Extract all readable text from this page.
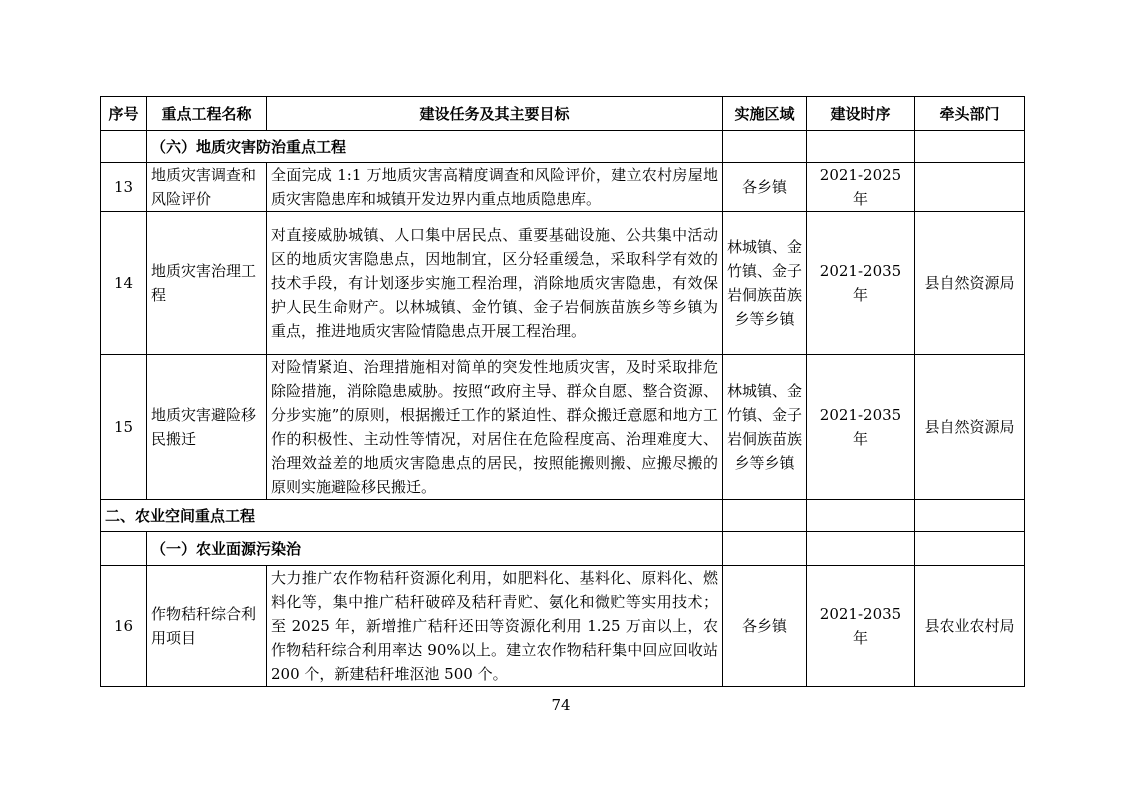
序号	重点工程名称	建设任务及其主要目标	实施区域	建设时序	牵头部门
	（六）地质灾害防治重点工程				
13	地质灾害调查和风险评价	全面完成 1:1 万地质灾害高精度调查和风险评价，建立农村房屋地质灾害隐患库和城镇开发边界内重点地质隐患库。	各乡镇	2021-2025 年	
14	地质灾害治理工程	对直接威胁城镇、人口集中居民点、重要基础设施、公共集中活动区的地质灾害隐患点，因地制宜，区分轻重缓急，采取科学有效的技术手段，有计划逐步实施工程治理，消除地质灾害隐患，有效保护人民生命财产。以林城镇、金竹镇、金子岩侗族苗族乡等乡镇为重点，推进地质灾害险情隐患点开展工程治理。	林城镇、金竹镇、金子岩侗族苗族乡等乡镇	2021-2035 年	县自然资源局
15	地质灾害避险移民搬迁	对险情紧迫、治理措施相对简单的突发性地质灾害，及时采取排危除险措施，消除隐患威胁。按照“政府主导、群众自愿、整合资源、分步实施”的原则，根据搬迁工作的紧迫性、群众搬迁意愿和地方工作的积极性、主动性等情况，对居住在危险程度高、治理难度大、治理效益差的地质灾害隐患点的居民，按照能搬则搬、应搬尽搬的原则实施避险移民搬迁。	林城镇、金竹镇、金子岩侗族苗族乡等乡镇	2021-2035 年	县自然资源局
二、农业空间重点工程					
	（一）农业面源污染治				
16	作物秸秆综合利用项目	大力推广农作物秸秆资源化利用，如肥料化、基料化、原料化、燃料化等，集中推广秸秆破碎及秸秆青贮、氨化和微贮等实用技术；至 2025 年，新增推广秸秆还田等资源化利用 1.25 万亩以上，农作物秸秆综合利用率达 90%以上。建立农作物秸秆集中回应回收站 200 个，新建秸秆堆沤池 500 个。	各乡镇	2021-2035 年	县农业农村局
74
